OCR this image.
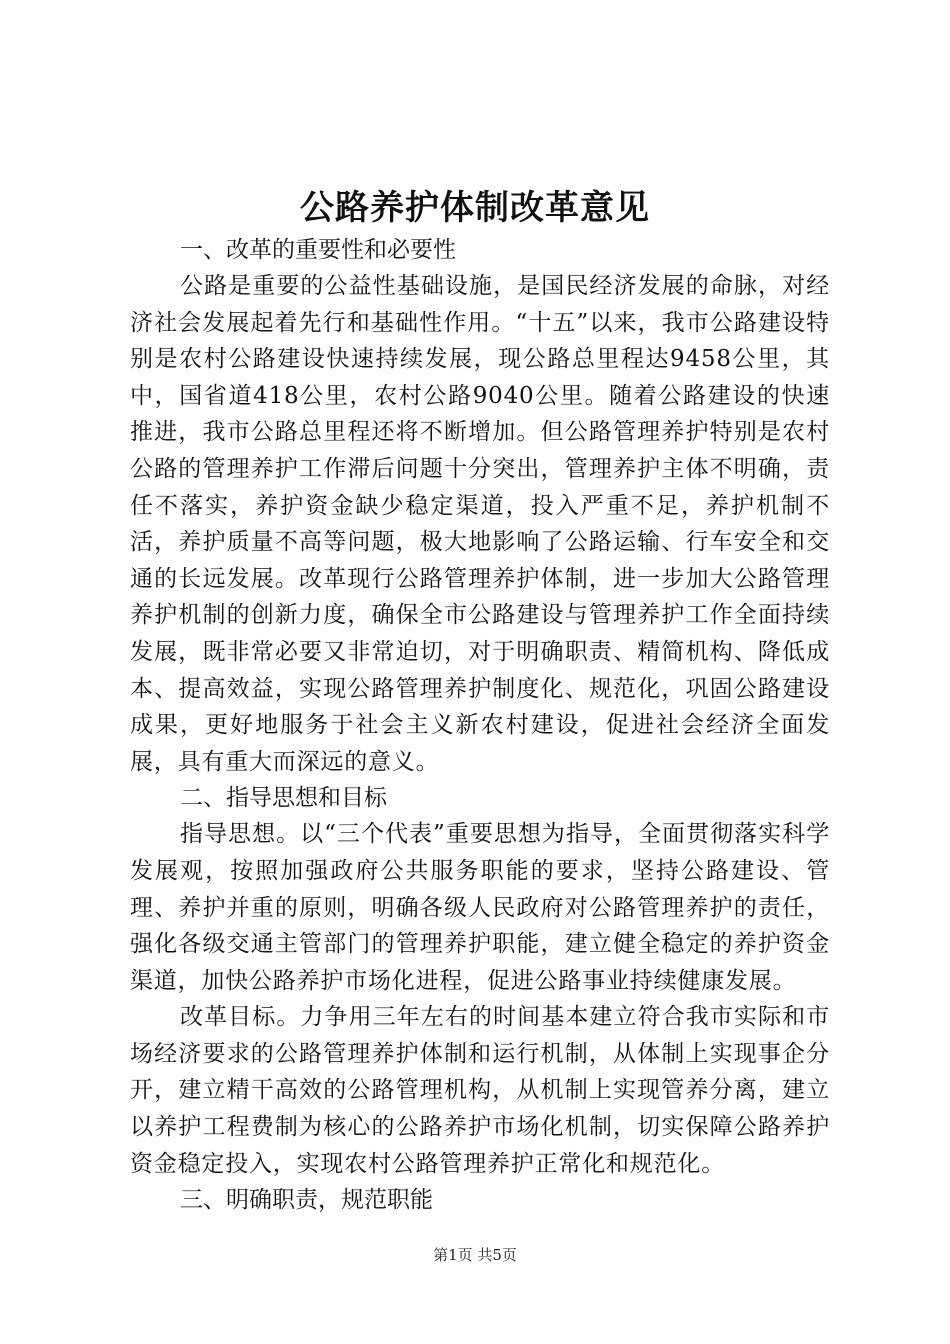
公路养护体制改革意见
一、改革的重要性和必要性

公路是重要的公益性基础设施，是国民经济发展的命脉，对经济社会发展起着先行和基础性作用。“十五”以来，我市公路建设特别是农村公路建设快速持续发展，现公路总里程达9458公里，其中，国省道418公里，农村公路9040公里。随着公路建设的快速推进，我市公路总里程还将不断增加。但公路管理养护特别是农村公路的管理养护工作滞后问题十分突出，管理养护主体不明确，责任不落实，养护资金缺少稳定渠道，投入严重不足，养护机制不活，养护质量不高等问题，极大地影响了公路运输、行车安全和交通的长远发展。改革现行公路管理养护体制，进一步加大公路管理养护机制的创新力度，确保全市公路建设与管理养护工作全面持续发展，既非常必要又非常迫切，对于明确职责、精简机构、降低成本、提高效益，实现公路管理养护制度化、规范化，巩固公路建设成果，更好地服务于社会主义新农村建设，促进社会经济全面发展，具有重大而深远的意义。

二、指导思想和目标

指导思想。以“三个代表”重要思想为指导，全面贯彻落实科学发展观，按照加强政府公共服务职能的要求，坚持公路建设、管理、养护并重的原则，明确各级人民政府对公路管理养护的责任，强化各级交通主管部门的管理养护职能，建立健全稳定的养护资金渠道，加快公路养护市场化进程，促进公路事业持续健康发展。

改革目标。力争用三年左右的时间基本建立符合我市实际和市场经济要求的公路管理养护体制和运行机制，从体制上实现事企分开，建立精干高效的公路管理机构，从机制上实现管养分离，建立以养护工程费制为核心的公路养护市场化机制，切实保障公路养护资金稳定投入，实现农村公路管理养护正常化和规范化。

三、明确职责，规范职能
第1页 共5页
